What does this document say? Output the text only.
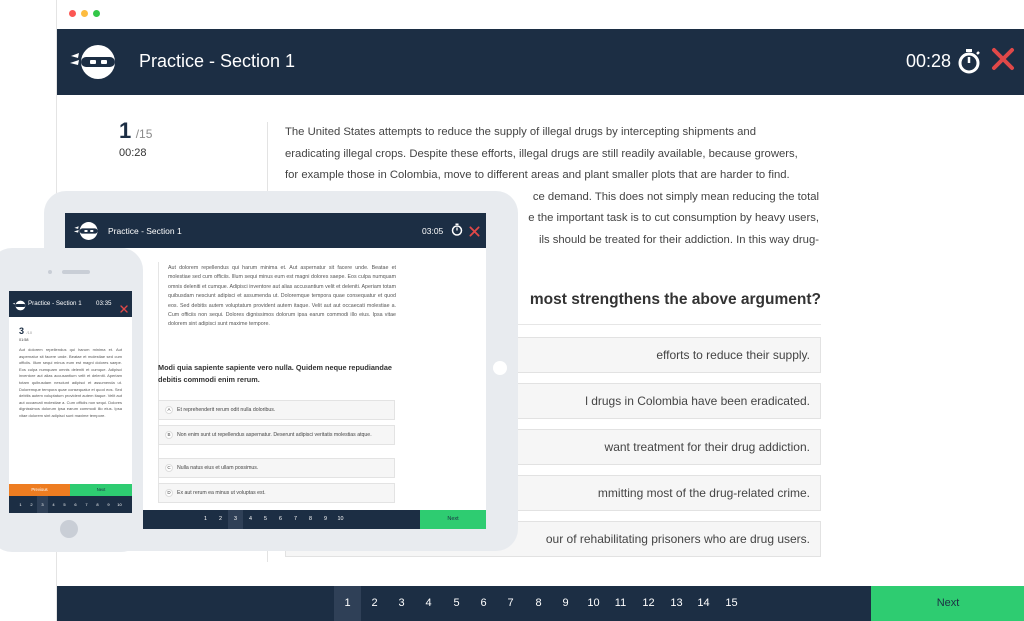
Practice - Section 1	00:28
1 /15
00:28
The United States attempts to reduce the supply of illegal drugs by intercepting shipments and
eradicating illegal crops. Despite these efforts, illegal drugs are still readily available, because growers,
for example those in Colombia, move to different areas and plant smaller plots that are harder to find.
ce demand. This does not simply mean reducing the total
e the important task is to cut consumption by heavy users,
ils should be treated for their addiction. In this way drug-
most strengthens the above argument?
efforts to reduce their supply.
l drugs in Colombia have been eradicated.
want treatment for their drug addiction.
mmitting most of the drug-related crime.
our of rehabilitating prisoners who are drug users.
1	2	3	4	5	6	7	8	9	10	11	12	13	14	15	Next
Practice - Section 1	03:05
Aut dolorem repellendus qui harum minima et. Aut aspernatur sit facere unde. Beatae et molestiae sed cum officiis. Illum sequi minus eum est magni dolores saepe. Eos culpa numquam omnis deleniti et cumque. Adipisci inventore aut alias accusantium velit et deleniti. Aperiam totam quibusdam nesciunt adipisci et assumenda ut. Doloremque tempora quae consequatur et quod eos. Sed debitis autem voluptatum provident autem itaque. Velit aut aut occaecati molestiae a. Cum officiis non sequi. Dolores dignissimos dolorum ipsa earum commodi illo eius. Ipsa vitae dolorem sint adipisci sunt maxime tempore.
Modi quia sapiente sapiente vero nulla. Quidem neque repudiandae debitis commodi enim rerum.
A Et reprehenderit rerum odit nulla doloribus.
B Non enim sunt ut repellendus aspernatur. Deserunt adipisci veritatis molestias atque.
C Nulla natus eius et ullam possimus.
D Ex aut rerum ea minus ut voluptas est.
1	2	3	4	5	6	7	8	9	10	Next
Practice - Section 1 03:35
3 /10
01:58
Aut dolorem repellendus qui harum minima et. Aut aspernatur sit facere unde. Beatae et molestiae sed cum officiis. Illum sequi minus eum est magni dolores saepe. Eos culpa numquam omnis deleniti et cumque. Adipisci inventore aut alias accusantium velit et deleniti. Aperiam totam quibusdam nesciunt adipisci et assumenda ut. Doloremque tempora quae consequatur et quod eos. Sed debitis autem voluptatum provident autem itaque. Velit aut aut occaecati molestiae a. Cum officiis non sequi. Dolores dignissimos dolorum ipsa earum commodi illo eius. Ipsa vitae dolorem sint adipisci sunt maxime tempore.
Previous	Next
1	2	3	4	5	6	7	8	9	10
